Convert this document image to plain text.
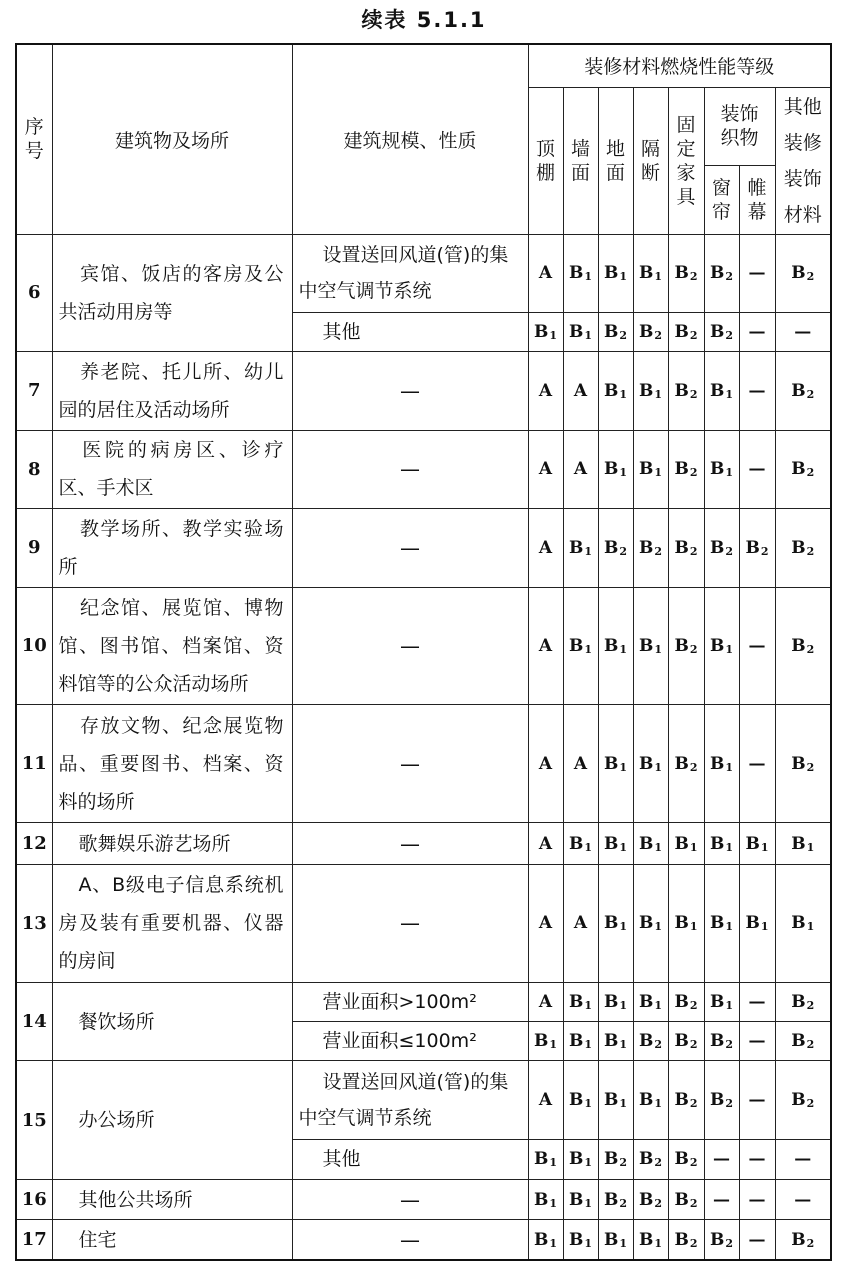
续表 5.1.1
序号	建筑物及场所	建筑规模、性质	装修材料燃烧性能等级							
			顶棚	墙面	地面	隔断	固定家具	装饰织物		其他装修装饰材料
								窗帘	帷幕	
6	宾馆、饭店的客房及公共活动用房等	设置送回风道(管)的集中空气调节系统	A	$B_1$	$B_1$	$B_1$	$B_2$	$B_2$	—	$B_2$
		其他	$B_1$	$B_1$	$B_2$	$B_2$	$B_2$	$B_2$	—	—
7	养老院、托儿所、幼儿园的居住及活动场所	—	A	A	$B_1$	$B_1$	$B_2$	$B_1$	—	$B_2$
8	医院的病房区、诊疗区、手术区	—	A	A	$B_1$	$B_1$	$B_2$	$B_1$	—	$B_2$
9	教学场所、教学实验场所	—	A	$B_1$	$B_2$	$B_2$	$B_2$	$B_2$	$B_2$	$B_2$
10	纪念馆、展览馆、博物馆、图书馆、档案馆、资料馆等的公众活动场所	—	A	$B_1$	$B_1$	$B_1$	$B_2$	$B_1$	—	$B_2$
11	存放文物、纪念展览物品、重要图书、档案、资料的场所	—	A	A	$B_1$	$B_1$	$B_2$	$B_1$	—	$B_2$
12	歌舞娱乐游艺场所	—	A	$B_1$	$B_1$	$B_1$	$B_1$	$B_1$	$B_1$	$B_1$
13	A、B级电子信息系统机房及装有重要机器、仪器的房间	—	A	A	$B_1$	$B_1$	$B_1$	$B_1$	$B_1$	$B_1$
14	餐饮场所	营业面积>100m²	A	$B_1$	$B_1$	$B_1$	$B_2$	$B_1$	—	$B_2$
		营业面积≤100m²	$B_1$	$B_1$	$B_1$	$B_2$	$B_2$	$B_2$	—	$B_2$
15	办公场所	设置送回风道(管)的集中空气调节系统	A	$B_1$	$B_1$	$B_1$	$B_2$	$B_2$	—	$B_2$
		其他	$B_1$	$B_1$	$B_2$	$B_2$	$B_2$	—	—	—
16	其他公共场所	—	$B_1$	$B_1$	$B_2$	$B_2$	$B_2$	—	—	—
17	住宅	—	$B_1$	$B_1$	$B_1$	$B_1$	$B_2$	$B_2$	—	$B_2$
